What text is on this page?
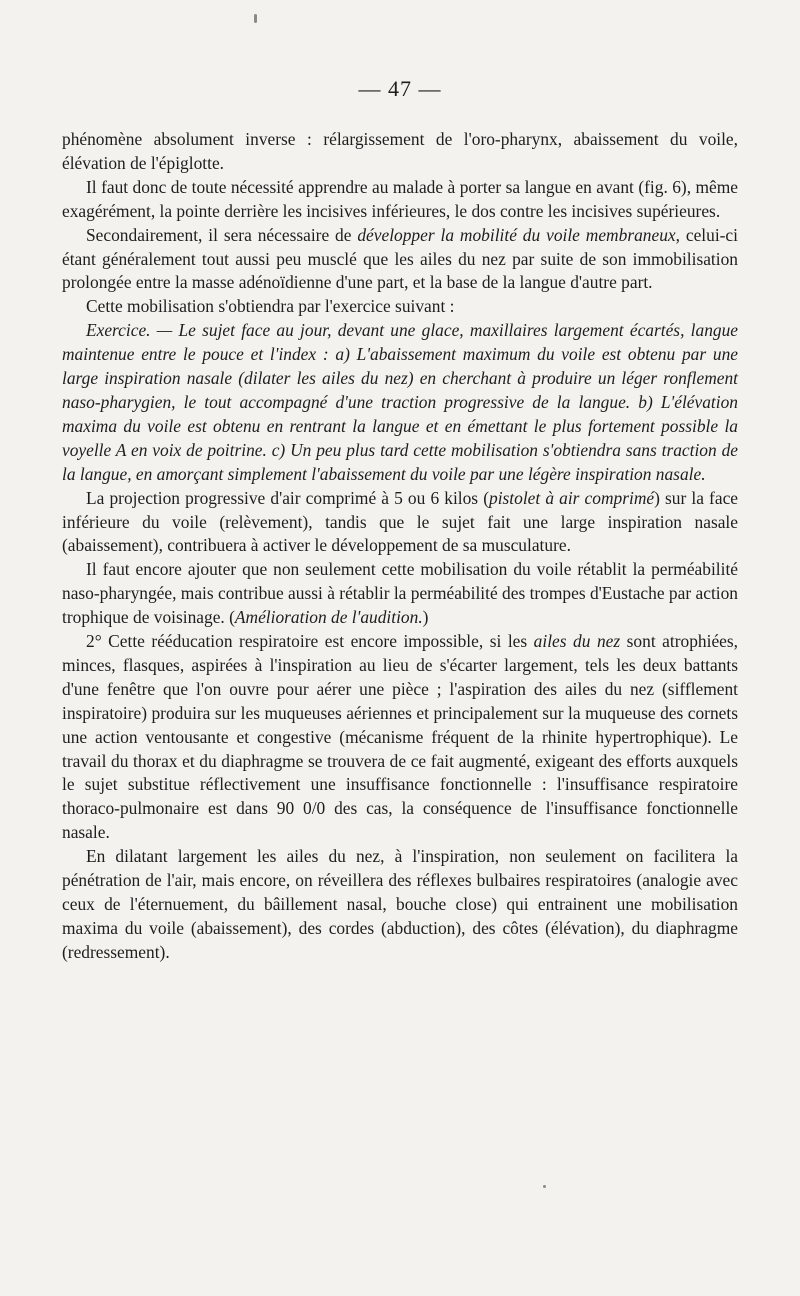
— 47 —

phénomène absolument inverse : rélargissement de l'oro-pharynx, abaissement du voile, élévation de l'épiglotte.

Il faut donc de toute nécessité apprendre au malade à porter sa langue en avant (fig. 6), même exagérément, la pointe derrière les incisives inférieures, le dos contre les incisives supérieures.

Secondairement, il sera nécessaire de développer la mobilité du voile membraneux, celui-ci étant généralement tout aussi peu musclé que les ailes du nez par suite de son immobilisation prolongée entre la masse adénoïdienne d'une part, et la base de la langue d'autre part.

Cette mobilisation s'obtiendra par l'exercice suivant :

Exercice. — Le sujet face au jour, devant une glace, maxillaires largement écartés, langue maintenue entre le pouce et l'index : a) L'abaissement maximum du voile est obtenu par une large inspiration nasale (dilater les ailes du nez) en cherchant à produire un léger ronflement naso-pharygien, le tout accompagné d'une traction progressive de la langue. b) L'élévation maxima du voile est obtenu en rentrant la langue et en émettant le plus fortement possible la voyelle A en voix de poitrine. c) Un peu plus tard cette mobilisation s'obtiendra sans traction de la langue, en amorçant simplement l'abaissement du voile par une légère inspiration nasale.

La projection progressive d'air comprimé à 5 ou 6 kilos (pistolet à air comprimé) sur la face inférieure du voile (relèvement), tandis que le sujet fait une large inspiration nasale (abaissement), contribuera à activer le développement de sa musculature.

Il faut encore ajouter que non seulement cette mobilisation du voile rétablit la perméabilité naso-pharyngée, mais contribue aussi à rétablir la perméabilité des trompes d'Eustache par action trophique de voisinage. (Amélioration de l'audition.)

2° Cette rééducation respiratoire est encore impossible, si les ailes du nez sont atrophiées, minces, flasques, aspirées à l'inspiration au lieu de s'écarter largement, tels les deux battants d'une fenêtre que l'on ouvre pour aérer une pièce ; l'aspiration des ailes du nez (sifflement inspiratoire) produira sur les muqueuses aériennes et principalement sur la muqueuse des cornets une action ventousante et congestive (mécanisme fréquent de la rhinite hypertrophique). Le travail du thorax et du diaphragme se trouvera de ce fait augmenté, exigeant des efforts auxquels le sujet substitue réflectivement une insuffisance fonctionnelle : l'insuffisance respiratoire thoraco-pulmonaire est dans 90 0/0 des cas, la conséquence de l'insuffisance fonctionnelle nasale.

En dilatant largement les ailes du nez, à l'inspiration, non seulement on facilitera la pénétration de l'air, mais encore, on réveillera des réflexes bulbaires respiratoires (analogie avec ceux de l'éternuement, du bâillement nasal, bouche close) qui entrainent une mobilisation maxima du voile (abaissement), des cordes (abduction), des côtes (élévation), du diaphragme (redressement).
